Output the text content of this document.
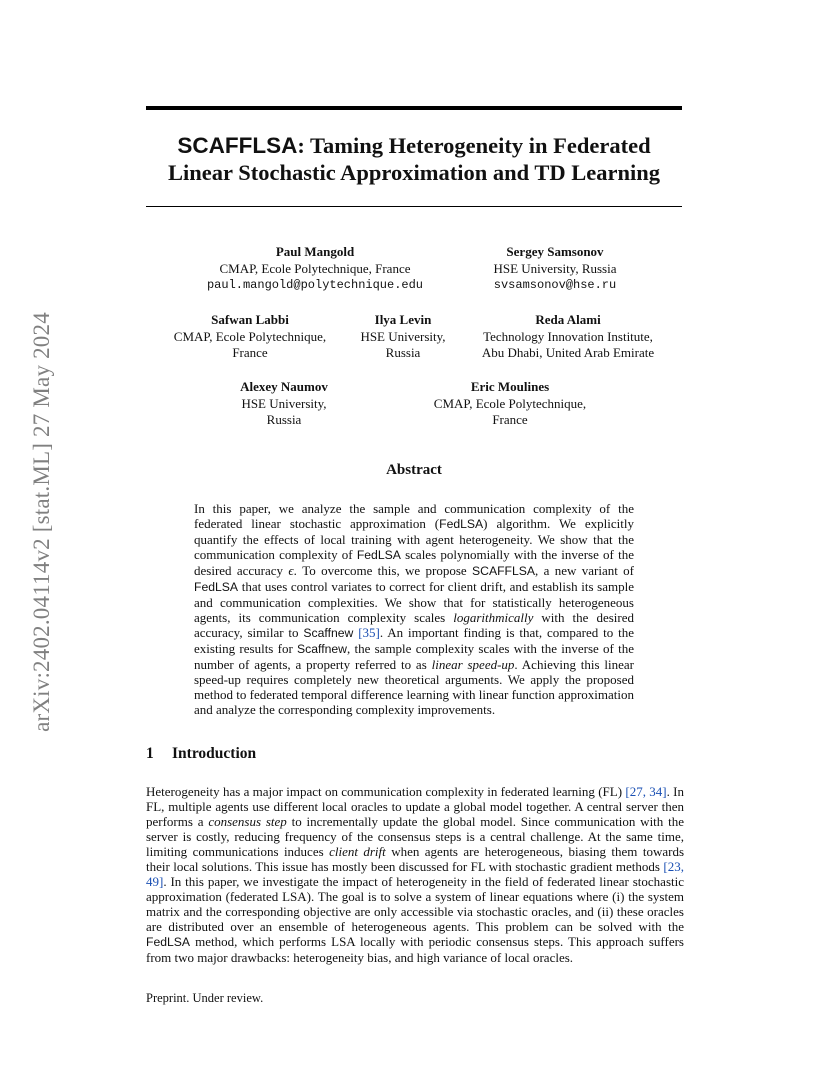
arXiv:2402.04114v2 [stat.ML] 27 May 2024
SCAFFLSA: Taming Heterogeneity in Federated
Linear Stochastic Approximation and TD Learning
Paul Mangold
CMAP, Ecole Polytechnique, France
paul.mangold@polytechnique.edu
Sergey Samsonov
HSE University, Russia
svsamsonov@hse.ru
Safwan Labbi
CMAP, Ecole Polytechnique,
France
Ilya Levin
HSE University,
Russia
Reda Alami
Technology Innovation Institute,
Abu Dhabi, United Arab Emirate
Alexey Naumov
HSE University,
Russia
Eric Moulines
CMAP, Ecole Polytechnique,
France
Abstract
In this paper, we analyze the sample and communication complexity of the federated linear stochastic approximation (FedLSA) algorithm. We explicitly quantify the effects of local training with agent heterogeneity. We show that the communication complexity of FedLSA scales polynomially with the inverse of the desired accuracy ϵ. To overcome this, we propose SCAFFLSA, a new variant of FedLSA that uses control variates to correct for client drift, and establish its sample and communication complexities. We show that for statistically heterogeneous agents, its communication complexity scales logarithmically with the desired accuracy, similar to Scaffnew [35]. An important finding is that, compared to the existing results for Scaffnew, the sample complexity scales with the inverse of the number of agents, a property referred to as linear speed-up. Achieving this linear speed-up requires completely new theoretical arguments. We apply the proposed method to federated temporal difference learning with linear function approximation and analyze the corresponding complexity improvements.
1 Introduction
Heterogeneity has a major impact on communication complexity in federated learning (FL) [27, 34]. In FL, multiple agents use different local oracles to update a global model together. A central server then performs a consensus step to incrementally update the global model. Since communication with the server is costly, reducing frequency of the consensus steps is a central challenge. At the same time, limiting communications induces client drift when agents are heterogeneous, biasing them towards their local solutions. This issue has mostly been discussed for FL with stochastic gradient methods [23, 49]. In this paper, we investigate the impact of heterogeneity in the field of federated linear stochastic approximation (federated LSA). The goal is to solve a system of linear equations where (i) the system matrix and the corresponding objective are only accessible via stochastic oracles, and (ii) these oracles are distributed over an ensemble of heterogeneous agents. This problem can be solved with the FedLSA method, which performs LSA locally with periodic consensus steps. This approach suffers from two major drawbacks: heterogeneity bias, and high variance of local oracles.
Preprint. Under review.
